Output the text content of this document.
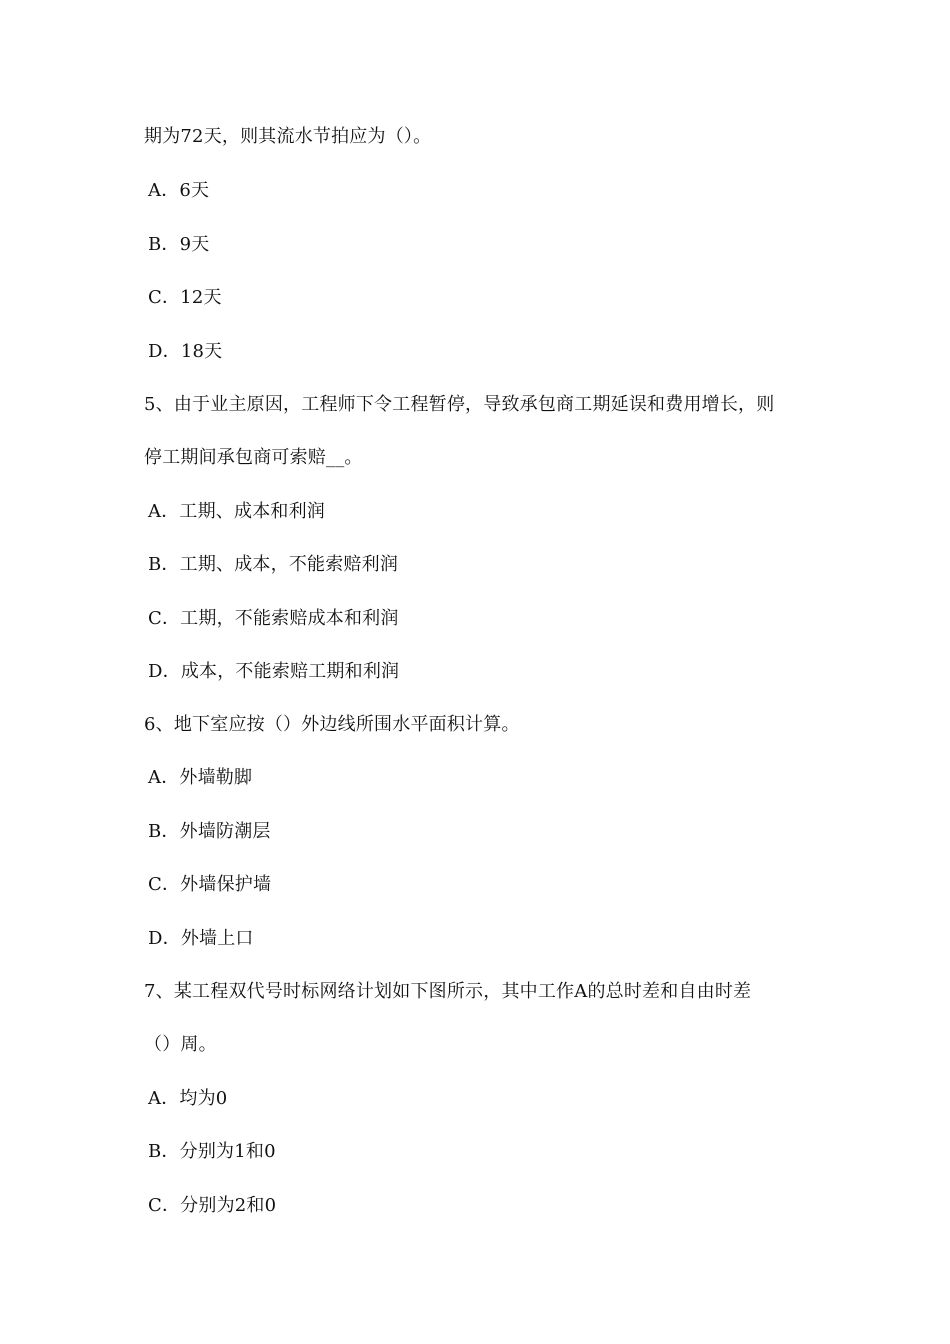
期为72天，则其流水节拍应为（）。
A．6天
B．9天
C．12天
D．18天
5、由于业主原因，工程师下令工程暂停，导致承包商工期延误和费用增长，则
停工期间承包商可索赔__。
A．工期、成本和利润
B．工期、成本，不能索赔利润
C．工期，不能索赔成本和利润
D．成本，不能索赔工期和利润
6、地下室应按（）外边线所围水平面积计算。
A．外墙勒脚
B．外墙防潮层
C．外墙保护墙
D．外墙上口
7、某工程双代号时标网络计划如下图所示，其中工作A的总时差和自由时差
（）周。
A．均为0
B．分别为1和0
C．分别为2和0
